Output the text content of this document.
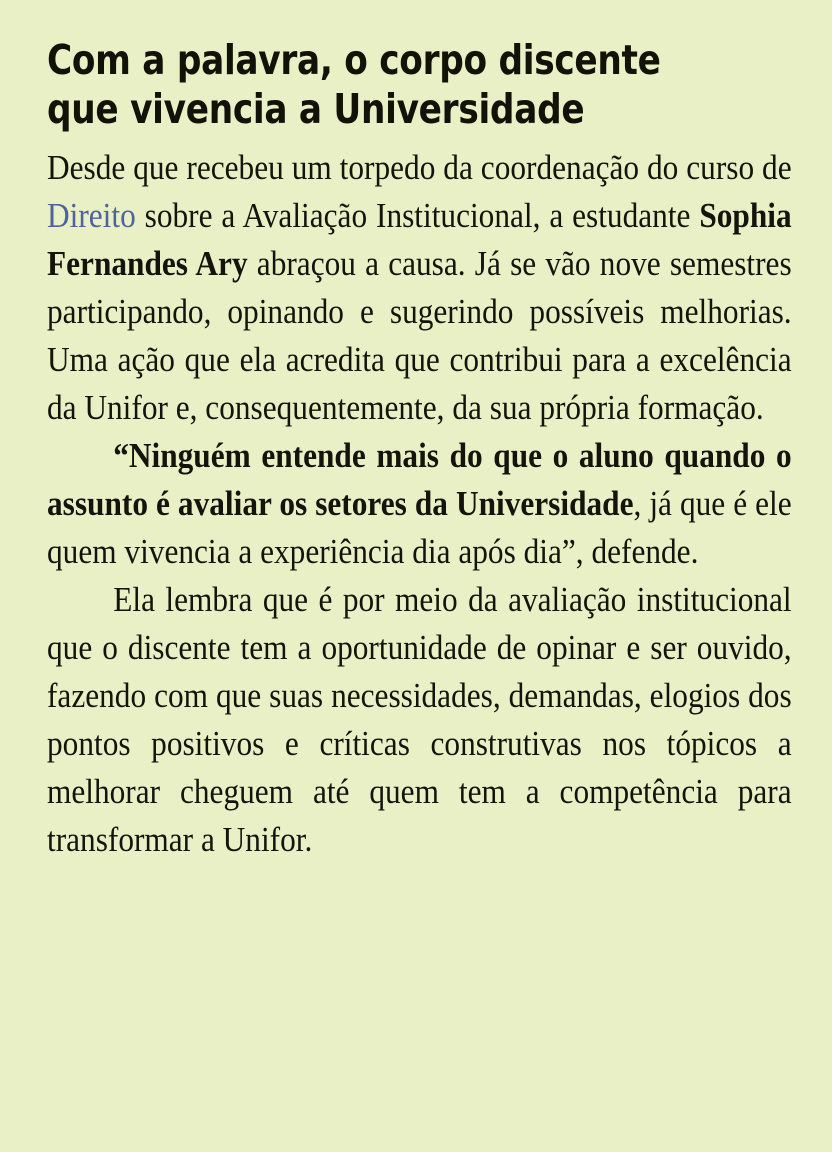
Com a palavra, o corpo discente que vivencia a Universidade

Desde que recebeu um torpedo da coordenação do curso de Direito sobre a Avaliação Institucional, a estudante Sophia Fernandes Ary abraçou a causa. Já se vão nove semestres participando, opinando e sugerindo possíveis melhorias. Uma ação que ela acredita que contribui para a excelência da Unifor e, consequentemente, da sua própria formação.

“Ninguém entende mais do que o aluno quando o assunto é avaliar os setores da Universidade, já que é ele quem vivencia a experiência dia após dia”, defende.

Ela lembra que é por meio da avaliação institucional que o discente tem a oportunidade de opinar e ser ouvido, fazendo com que suas necessidades, demandas, elogios dos pontos positivos e críticas construtivas nos tópicos a melhorar cheguem até quem tem a competência para transformar a Unifor.
